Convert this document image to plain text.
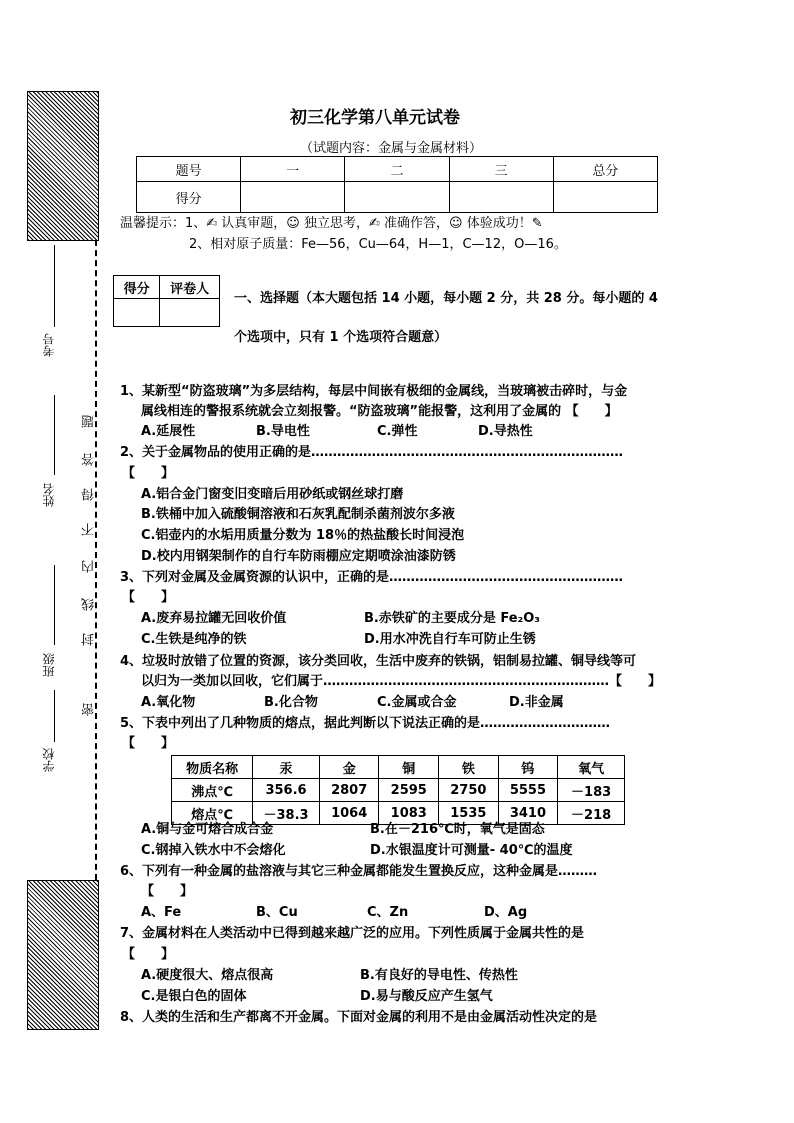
考号
姓名
班级
学校
题
答
得
不
内
线
封
密
初三化学第八单元试卷
（试题内容：金属与金属材料）
题号	一	二	三	总分
得分				
温馨提示：1、✍ 认真审题，☺ 独立思考，✍ 准确作答，☺ 体验成功！✎
2、相对原子质量：Fe—56，Cu—64，H—1，C—12，O—16。
得分	评卷人

一、选择题（本大题包括 14 小题，每小题 2 分，共 28 分。每小题的 4
个选项中，只有 1 个选项符合题意）
1、某新型“防盗玻璃”为多层结构，每层中间嵌有极细的金属线，当玻璃被击碎时，与金
属线相连的警报系统就会立刻报警。“防盗玻璃”能报警，这利用了金属的 【　　】
A.延展性	B.导电性	C.弹性	D.导热性
2、关于金属物品的使用正确的是………………………………………………………………
【　　】
A.铝合金门窗变旧变暗后用砂纸或钢丝球打磨
B.铁桶中加入硫酸铜溶液和石灰乳配制杀菌剂波尔多液
C.铝壶内的水垢用质量分数为 18％的热盐酸长时间浸泡
D.校内用钢架制作的自行车防雨棚应定期喷涂油漆防锈
3、下列对金属及金属资源的认识中，正确的是………………………………………………
【　　】
A.废弃易拉罐无回收价值	B.赤铁矿的主要成分是 Fe₂O₃
C.生铁是纯净的铁	D.用水冲洗自行车可防止生锈
4、垃圾时放错了位置的资源，该分类回收，生活中废弃的铁锅，铝制易拉罐、铜导线等可
以归为一类加以回收，它们属于…………………………………………………………【　　】
A.氧化物	B.化合物	C.金属或合金	D.非金属
5、下表中列出了几种物质的熔点，据此判断以下说法正确的是…………………………
【　　】
物质名称	汞	金	铜	铁	钨	氧气
沸点℃	356.6	2807	2595	2750	5555	－183
熔点℃	－38.3	1064	1083	1535	3410	－218
A.铜与金可熔合成合金	B.在－216℃时，氧气是固态
C.钢掉入铁水中不会熔化	D.水银温度计可测量- 40℃的温度
6、下列有一种金属的盐溶液与其它三种金属都能发生置换反应，这种金属是………
【　　】
A、Fe	B、Cu	C、Zn	D、Ag
7、金属材料在人类活动中已得到越来越广泛的应用。下列性质属于金属共性的是
【　　】
A.硬度很大、熔点很高	B.有良好的导电性、传热性
C.是银白色的固体	D.易与酸反应产生氢气
8、人类的生活和生产都离不开金属。下面对金属的利用不是由金属活动性决定的是
